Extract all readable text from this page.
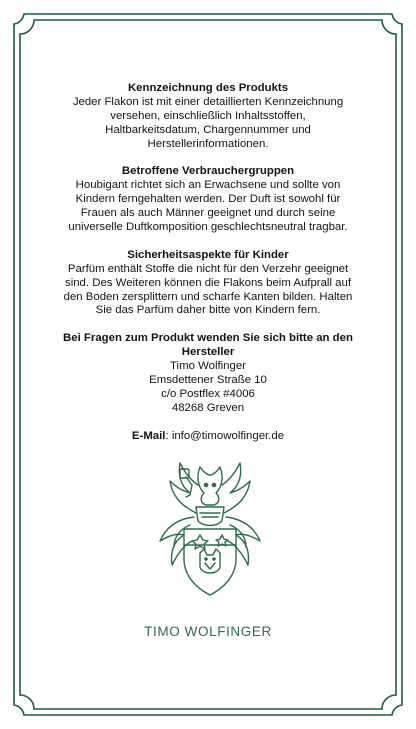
Kennzeichnung des Produkts
Jeder Flakon ist mit einer detaillierten Kennzeichnung
versehen, einschließlich Inhaltsstoffen,
Haltbarkeitsdatum, Chargennummer und
Herstellerinformationen.
Betroffene Verbrauchergruppen
Houbigant richtet sich an Erwachsene und sollte von
Kindern ferngehalten werden. Der Duft ist sowohl für
Frauen als auch Männer geeignet und durch seine
universelle Duftkomposition geschlechtsneutral tragbar.
Sicherheitsaspekte für Kinder
Parfüm enthält Stoffe die nicht für den Verzehr geeignet
sind. Des Weiteren können die Flakons beim Aufprall auf
den Boden zersplittern und scharfe Kanten bilden. Halten
Sie das Parfüm daher bitte von Kindern fern.
Bei Fragen zum Produkt wenden Sie sich bitte an den
Hersteller
Timo Wolfinger
Emsdettener Straße 10
c/o Postflex #4006
48268 Greven
E-Mail: info@timowolfinger.de
TIMO WOLFINGER
